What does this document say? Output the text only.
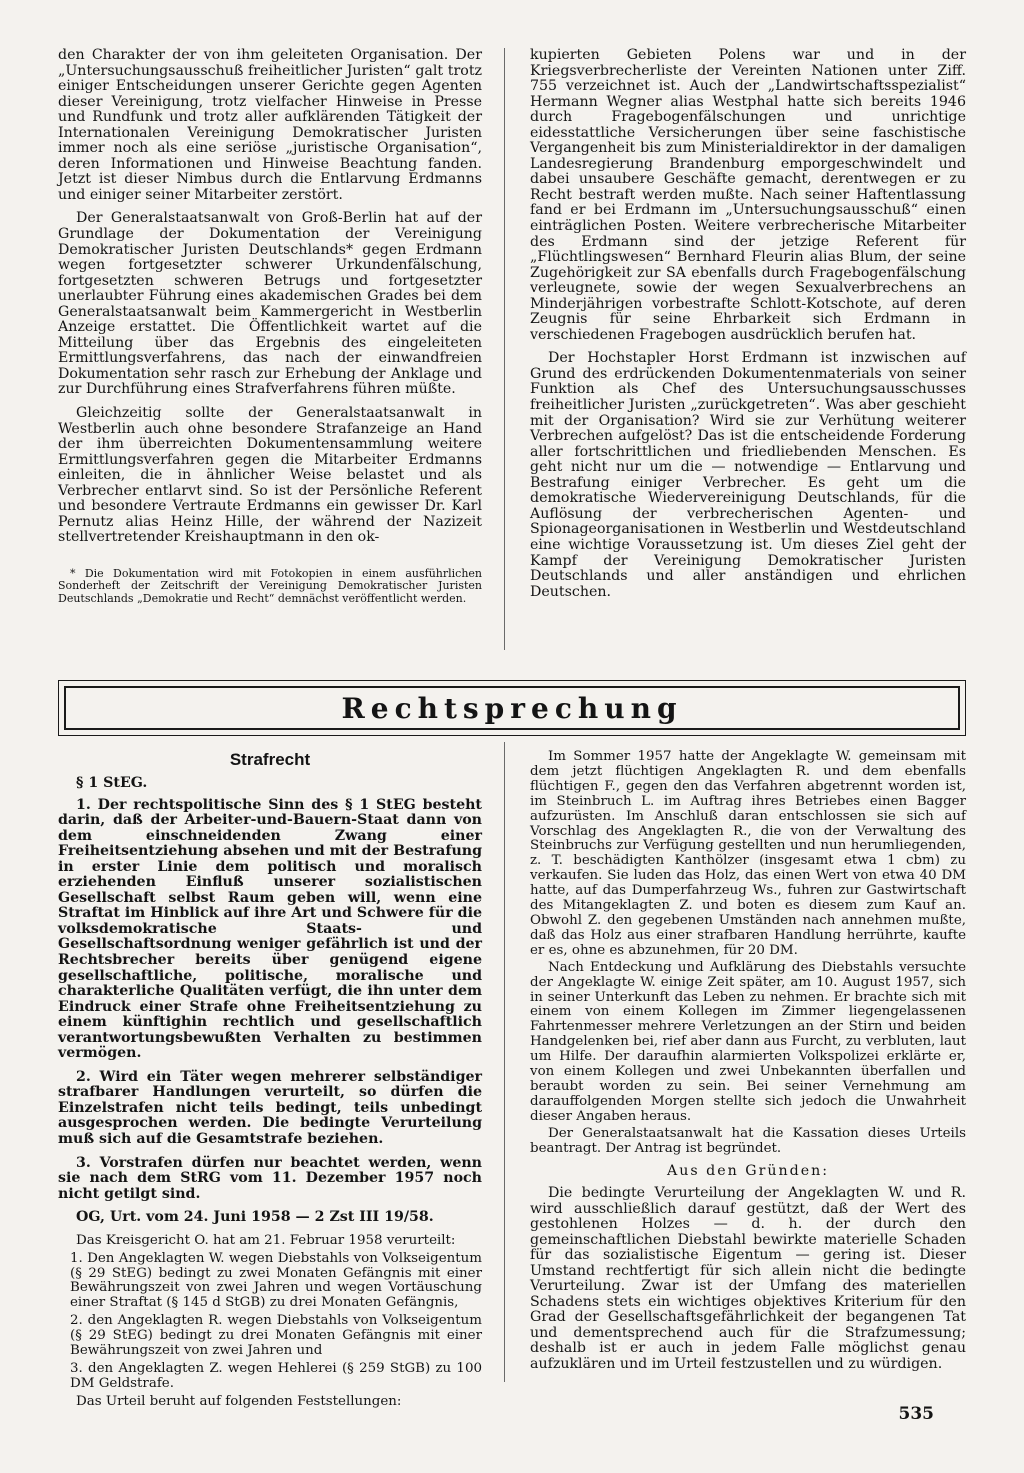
den Charakter der von ihm geleiteten Organisation. Der „Untersuchungsausschuß freiheitlicher Juristen“ galt trotz einiger Entscheidungen unserer Gerichte gegen Agenten dieser Vereinigung, trotz vielfacher Hinweise in Presse und Rundfunk und trotz aller aufklärenden Tätigkeit der Internationalen Vereinigung Demokratischer Juristen immer noch als eine seriöse „juristische Organisation“, deren Informationen und Hinweise Beachtung fanden. Jetzt ist dieser Nimbus durch die Entlarvung Erdmanns und einiger seiner Mitarbeiter zerstört.

Der Generalstaatsanwalt von Groß-Berlin hat auf der Grundlage der Dokumentation der Vereinigung Demokratischer Juristen Deutschlands* gegen Erdmann wegen fortgesetzter schwerer Urkundenfälschung, fortgesetzten schweren Betrugs und fortgesetzter unerlaubter Führung eines akademischen Grades bei dem Generalstaatsanwalt beim Kammergericht in Westberlin Anzeige erstattet. Die Öffentlichkeit wartet auf die Mitteilung über das Ergebnis des eingeleiteten Ermittlungsverfahrens, das nach der einwandfreien Dokumentation sehr rasch zur Erhebung der Anklage und zur Durchführung eines Strafverfahrens führen müßte.

Gleichzeitig sollte der Generalstaatsanwalt in Westberlin auch ohne besondere Strafanzeige an Hand der ihm überreichten Dokumentensammlung weitere Ermittlungsverfahren gegen die Mitarbeiter Erdmanns einleiten, die in ähnlicher Weise belastet und als Verbrecher entlarvt sind. So ist der Persönliche Referent und besondere Vertraute Erdmanns ein gewisser Dr. Karl Pernutz alias Heinz Hille, der während der Nazizeit stellvertretender Kreishauptmann in den ok-

* Die Dokumentation wird mit Fotokopien in einem ausführlichen Sonderheft der Zeitschrift der Vereinigung Demokratischer Juristen Deutschlands „Demokratie und Recht“ demnächst veröffentlicht werden.

kupierten Gebieten Polens war und in der Kriegsverbrecherliste der Vereinten Nationen unter Ziff. 755 verzeichnet ist. Auch der „Landwirtschaftsspezialist“ Hermann Wegner alias Westphal hatte sich bereits 1946 durch Fragebogenfälschungen und unrichtige eidesstattliche Versicherungen über seine faschistische Vergangenheit bis zum Ministerialdirektor in der damaligen Landesregierung Brandenburg emporgeschwindelt und dabei unsaubere Geschäfte gemacht, derentwegen er zu Recht bestraft werden mußte. Nach seiner Haftentlassung fand er bei Erdmann im „Untersuchungsausschuß“ einen einträglichen Posten. Weitere verbrecherische Mitarbeiter des Erdmann sind der jetzige Referent für „Flüchtlingswesen“ Bernhard Fleurin alias Blum, der seine Zugehörigkeit zur SA ebenfalls durch Fragebogenfälschung verleugnete, sowie der wegen Sexualverbrechens an Minderjährigen vorbestrafte Schlott-Kotschote, auf deren Zeugnis für seine Ehrbarkeit sich Erdmann in verschiedenen Fragebogen ausdrücklich berufen hat.

Der Hochstapler Horst Erdmann ist inzwischen auf Grund des erdrückenden Dokumentenmaterials von seiner Funktion als Chef des Untersuchungsausschusses freiheitlicher Juristen „zurückgetreten“. Was aber geschieht mit der Organisation? Wird sie zur Verhütung weiterer Verbrechen aufgelöst? Das ist die entscheidende Forderung aller fortschrittlichen und friedliebenden Menschen. Es geht nicht nur um die — notwendige — Entlarvung und Bestrafung einiger Verbrecher. Es geht um die demokratische Wiedervereinigung Deutschlands, für die Auflösung der verbrecherischen Agenten- und Spionageorganisationen in Westberlin und Westdeutschland eine wichtige Voraussetzung ist. Um dieses Ziel geht der Kampf der Vereinigung Demokratischer Juristen Deutschlands und aller anständigen und ehrlichen Deutschen.

Rechtsprechung

Strafrecht

§ 1 StEG.

1. Der rechtspolitische Sinn des § 1 StEG besteht darin, daß der Arbeiter-und-Bauern-Staat dann von dem einschneidenden Zwang einer Freiheitsentziehung absehen und mit der Bestrafung in erster Linie dem politisch und moralisch erziehenden Einfluß unserer sozialistischen Gesellschaft selbst Raum geben will, wenn eine Straftat im Hinblick auf ihre Art und Schwere für die volksdemokratische Staats- und Gesellschaftsordnung weniger gefährlich ist und der Rechtsbrecher bereits über genügend eigene gesellschaftliche, politische, moralische und charakterliche Qualitäten verfügt, die ihn unter dem Eindruck einer Strafe ohne Freiheitsentziehung zu einem künftighin rechtlich und gesellschaftlich verantwortungsbewußten Verhalten zu bestimmen vermögen.

2. Wird ein Täter wegen mehrerer selbständiger strafbarer Handlungen verurteilt, so dürfen die Einzelstrafen nicht teils bedingt, teils unbedingt ausgesprochen werden. Die bedingte Verurteilung muß sich auf die Gesamtstrafe beziehen.

3. Vorstrafen dürfen nur beachtet werden, wenn sie nach dem StRG vom 11. Dezember 1957 noch nicht getilgt sind.

OG, Urt. vom 24. Juni 1958 — 2 Zst III 19/58.

Das Kreisgericht O. hat am 21. Februar 1958 verurteilt:

1. Den Angeklagten W. wegen Diebstahls von Volkseigentum (§ 29 StEG) bedingt zu zwei Monaten Gefängnis mit einer Bewährungszeit von zwei Jahren und wegen Vortäuschung einer Straftat (§ 145 d StGB) zu drei Monaten Gefängnis,

2. den Angeklagten R. wegen Diebstahls von Volkseigentum (§ 29 StEG) bedingt zu drei Monaten Gefängnis mit einer Bewährungszeit von zwei Jahren und

3. den Angeklagten Z. wegen Hehlerei (§ 259 StGB) zu 100 DM Geldstrafe.

Das Urteil beruht auf folgenden Feststellungen:

Im Sommer 1957 hatte der Angeklagte W. gemeinsam mit dem jetzt flüchtigen Angeklagten R. und dem ebenfalls flüchtigen F., gegen den das Verfahren abgetrennt worden ist, im Steinbruch L. im Auftrag ihres Betriebes einen Bagger aufzurüsten. Im Anschluß daran entschlossen sie sich auf Vorschlag des Angeklagten R., die von der Verwaltung des Steinbruchs zur Verfügung gestellten und nun herumliegenden, z. T. beschädigten Kanthölzer (insgesamt etwa 1 cbm) zu verkaufen. Sie luden das Holz, das einen Wert von etwa 40 DM hatte, auf das Dumperfahrzeug Ws., fuhren zur Gastwirtschaft des Mitangeklagten Z. und boten es diesem zum Kauf an. Obwohl Z. den gegebenen Umständen nach annehmen mußte, daß das Holz aus einer strafbaren Handlung herrührte, kaufte er es, ohne es abzunehmen, für 20 DM.

Nach Entdeckung und Aufklärung des Diebstahls versuchte der Angeklagte W. einige Zeit später, am 10. August 1957, sich in seiner Unterkunft das Leben zu nehmen. Er brachte sich mit einem von einem Kollegen im Zimmer liegengelassenen Fahrtenmesser mehrere Verletzungen an der Stirn und beiden Handgelenken bei, rief aber dann aus Furcht, zu verbluten, laut um Hilfe. Der daraufhin alarmierten Volkspolizei erklärte er, von einem Kollegen und zwei Unbekannten überfallen und beraubt worden zu sein. Bei seiner Vernehmung am darauffolgenden Morgen stellte sich jedoch die Unwahrheit dieser Angaben heraus.

Der Generalstaatsanwalt hat die Kassation dieses Urteils beantragt. Der Antrag ist begründet.

Aus den Gründen:

Die bedingte Verurteilung der Angeklagten W. und R. wird ausschließlich darauf gestützt, daß der Wert des gestohlenen Holzes — d. h. der durch den gemeinschaftlichen Diebstahl bewirkte materielle Schaden für das sozialistische Eigentum — gering ist. Dieser Umstand rechtfertigt für sich allein nicht die bedingte Verurteilung. Zwar ist der Umfang des materiellen Schadens stets ein wichtiges objektives Kriterium für den Grad der Gesellschaftsgefährlichkeit der begangenen Tat und dementsprechend auch für die Strafzumessung; deshalb ist er auch in jedem Falle möglichst genau aufzuklären und im Urteil festzustellen und zu würdigen.

535
